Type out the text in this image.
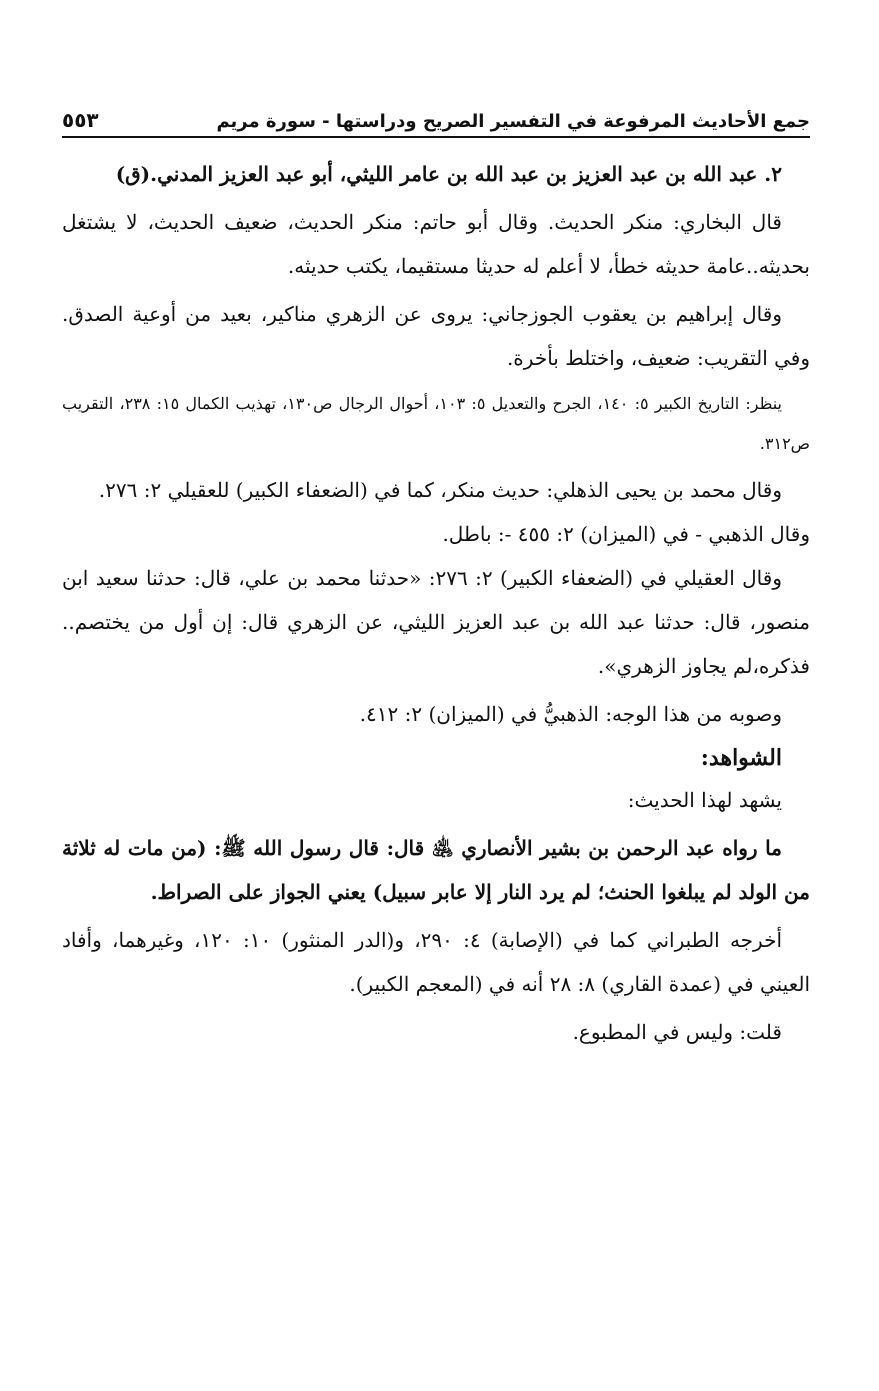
جمع الأحاديث المرفوعة في التفسير الصريح ودراستها - سورة مريم
٥٥٣

٢. عبد الله بن عبد العزيز بن عبد الله بن عامر الليثي، أبو عبد العزيز المدني.(ق)

قال البخاري: منكر الحديث. وقال أبو حاتم: منكر الحديث، ضعيف الحديث، لا يشتغل بحديثه..عامة حديثه خطأ، لا أعلم له حديثا مستقيما، يكتب حديثه.

وقال إبراهيم بن يعقوب الجوزجاني: يروى عن الزهري مناكير، بعيد من أوعية الصدق. وفي التقريب: ضعيف، واختلط بأخرة.

ينظر: التاريخ الكبير ٥: ١٤٠، الجرح والتعديل ٥: ١٠٣، أحوال الرجال ص١٣٠، تهذيب الكمال ١٥: ٢٣٨، التقريب ص٣١٢.

وقال محمد بن يحيى الذهلي: حديث منكر، كما في (الضعفاء الكبير) للعقيلي ٢: ٢٧٦.

وقال الذهبي - في (الميزان) ٢: ٤٥٥ -: باطل.

وقال العقيلي في (الضعفاء الكبير) ٢: ٢٧٦: «حدثنا محمد بن علي، قال: حدثنا سعيد ابن منصور، قال: حدثنا عبد الله بن عبد العزيز الليثي، عن الزهري قال: إن أول من يختصم.. فذكره،لم يجاوز الزهري».

وصوبه من هذا الوجه: الذهبيُّ في (الميزان) ٢: ٤١٢.

الشواهد:

يشهد لهذا الحديث:

ما رواه عبد الرحمن بن بشير الأنصاري ﵁ قال: قال رسول الله ﷺ: (من مات له ثلاثة من الولد لم يبلغوا الحنث؛ لم يرد النار إلا عابر سبيل) يعني الجواز على الصراط.

أخرجه الطبراني كما في (الإصابة) ٤: ٢٩٠، و(الدر المنثور) ١٠: ١٢٠، وغيرهما، وأفاد العيني في (عمدة القاري) ٨: ٢٨ أنه في (المعجم الكبير).

قلت: وليس في المطبوع.
